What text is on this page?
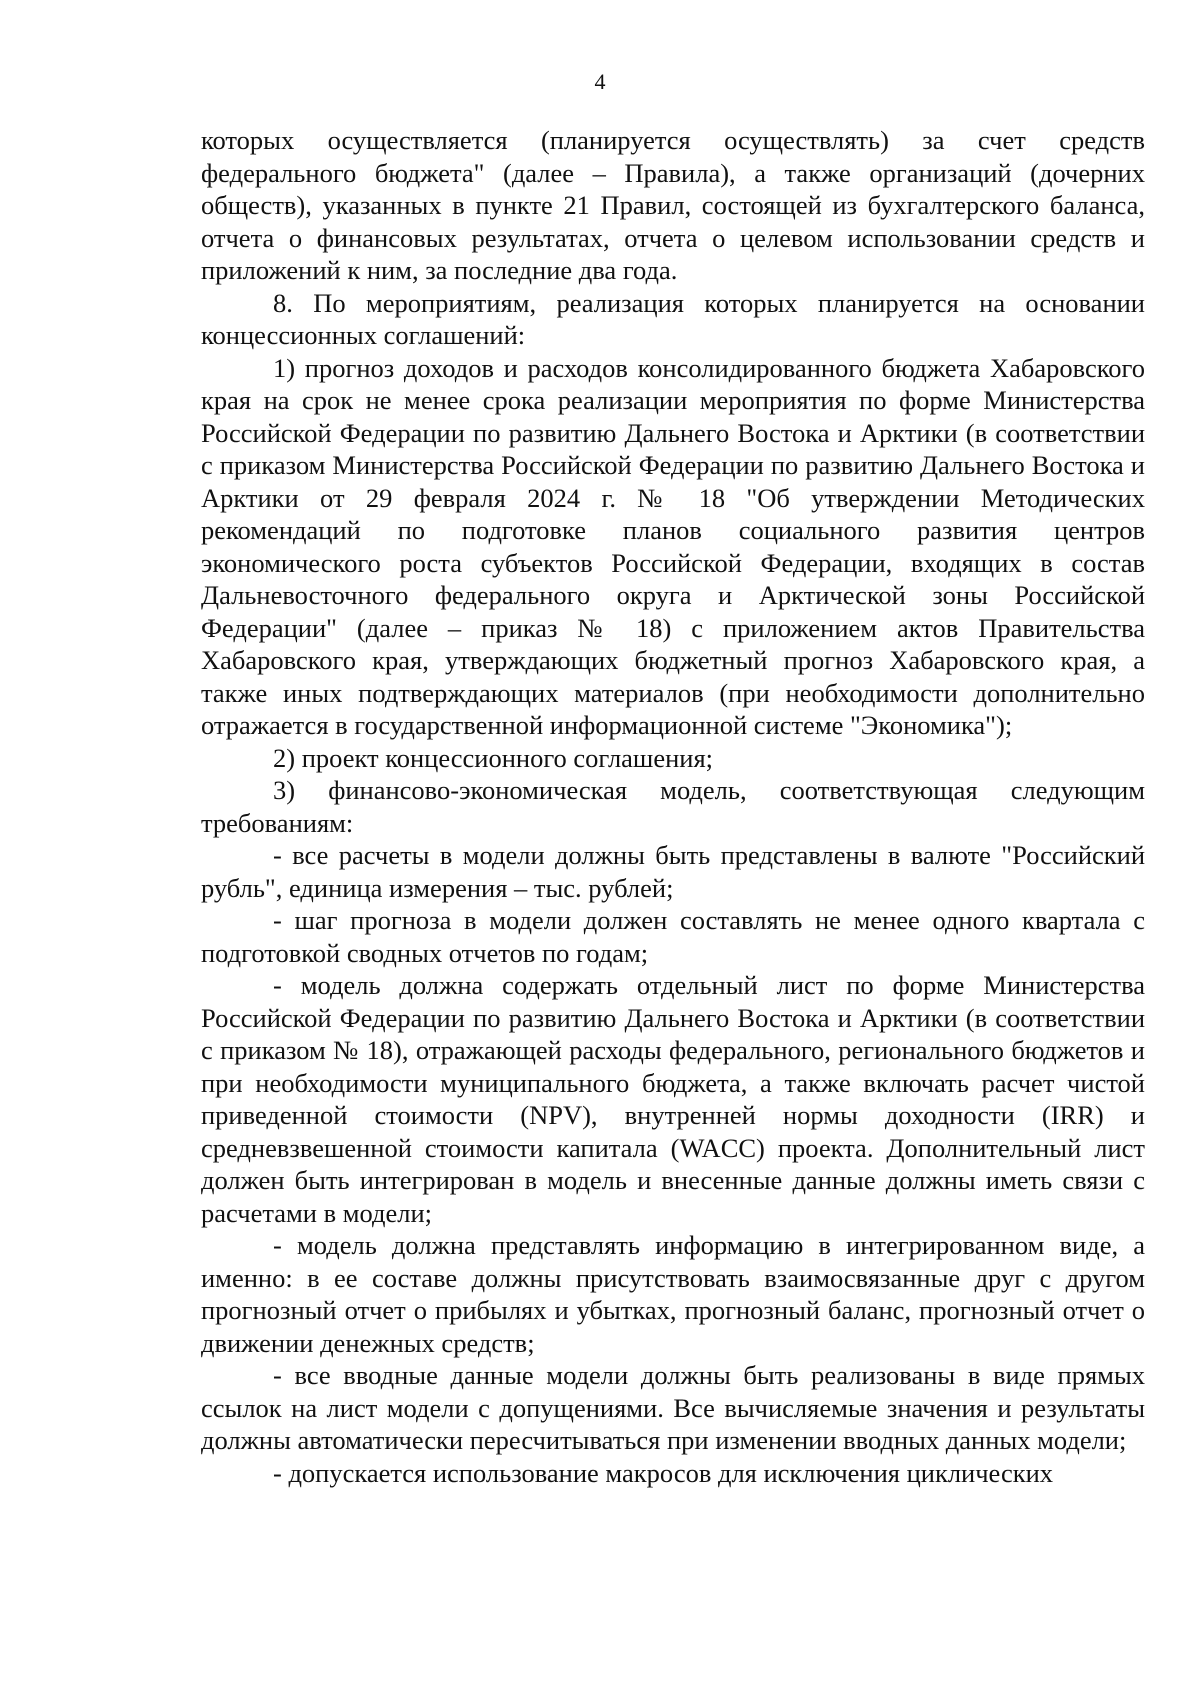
4

которых осуществляется (планируется осуществлять) за счет средств федерального бюджета" (далее – Правила), а также организаций (дочерних обществ), указанных в пункте 21 Правил, состоящей из бухгалтерского баланса, отчета о финансовых результатах, отчета о целевом использовании средств и приложений к ним, за последние два года.

8. По мероприятиям, реализация которых планируется на основании концессионных соглашений:

1) прогноз доходов и расходов консолидированного бюджета Хабаровского края на срок не менее срока реализации мероприятия по форме Министерства Российской Федерации по развитию Дальнего Востока и Арктики (в соответствии с приказом Министерства Российской Федерации по развитию Дальнего Востока и Арктики от 29 февраля 2024 г. № 18 "Об утверждении Методических рекомендаций по подготовке планов социального развития центров экономического роста субъектов Российской Федерации, входящих в состав Дальневосточного федерального округа и Арктической зоны Российской Федерации" (далее – приказ № 18) с приложением актов Правительства Хабаровского края, утверждающих бюджетный прогноз Хабаровского края, а также иных подтверждающих материалов (при необходимости дополнительно отражается в государственной информационной системе "Экономика");

2) проект концессионного соглашения;

3) финансово-экономическая модель, соответствующая следующим требованиям:

- все расчеты в модели должны быть представлены в валюте "Российский рубль", единица измерения – тыс. рублей;

- шаг прогноза в модели должен составлять не менее одного квартала с подготовкой сводных отчетов по годам;

- модель должна содержать отдельный лист по форме Министерства Российской Федерации по развитию Дальнего Востока и Арктики (в соответствии с приказом № 18), отражающей расходы федерального, регионального бюджетов и при необходимости муниципального бюджета, а также включать расчет чистой приведенной стоимости (NPV), внутренней нормы доходности (IRR) и средневзвешенной стоимости капитала (WACC) проекта. Дополнительный лист должен быть интегрирован в модель и внесенные данные должны иметь связи с расчетами в модели;

- модель должна представлять информацию в интегрированном виде, а именно: в ее составе должны присутствовать взаимосвязанные друг с другом прогнозный отчет о прибылях и убытках, прогнозный баланс, прогнозный отчет о движении денежных средств;

- все вводные данные модели должны быть реализованы в виде прямых ссылок на лист модели с допущениями. Все вычисляемые значения и результаты должны автоматически пересчитываться при изменении вводных данных модели;

- допускается использование макросов для исключения циклических
